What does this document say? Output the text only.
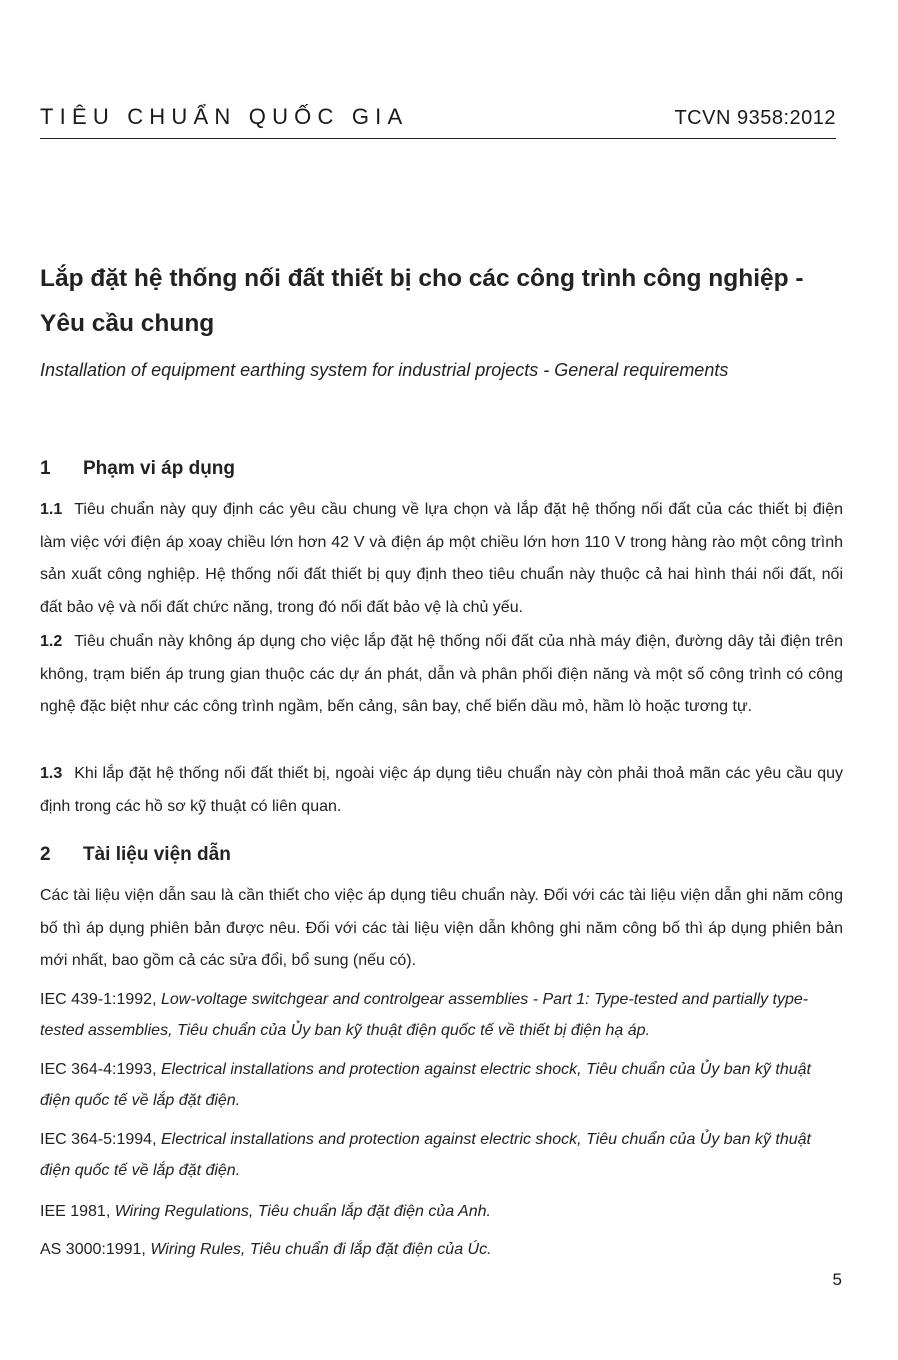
TIÊU CHUẨN QUỐC GIA	TCVN 9358:2012
Lắp đặt hệ thống nối đất thiết bị cho các công trình công nghiệp -
Yêu cầu chung
Installation of equipment earthing system for industrial projects - General requirements
1 Phạm vi áp dụng
1.1 Tiêu chuẩn này quy định các yêu cầu chung về lựa chọn và lắp đặt hệ thống nối đất của các thiết bị điện làm việc với điện áp xoay chiều lớn hơn 42 V và điện áp một chiều lớn hơn 110 V trong hàng rào một công trình sản xuất công nghiệp. Hệ thống nối đất thiết bị quy định theo tiêu chuẩn này thuộc cả hai hình thái nối đất, nối đất bảo vệ và nối đất chức năng, trong đó nối đất bảo vệ là chủ yếu.
1.2 Tiêu chuẩn này không áp dụng cho việc lắp đặt hệ thống nối đất của nhà máy điện, đường dây tải điện trên không, trạm biến áp trung gian thuộc các dự án phát, dẫn và phân phối điện năng và một số công trình có công nghệ đặc biệt như các công trình ngầm, bến cảng, sân bay, chế biến dầu mỏ, hầm lò hoặc tương tự.
1.3 Khi lắp đặt hệ thống nối đất thiết bị, ngoài việc áp dụng tiêu chuẩn này còn phải thoả mãn các yêu cầu quy định trong các hồ sơ kỹ thuật có liên quan.
2 Tài liệu viện dẫn
Các tài liệu viện dẫn sau là cần thiết cho việc áp dụng tiêu chuẩn này. Đối với các tài liệu viện dẫn ghi năm công bố thì áp dụng phiên bản được nêu. Đối với các tài liệu viện dẫn không ghi năm công bố thì áp dụng phiên bản mới nhất, bao gồm cả các sửa đổi, bổ sung (nếu có).
IEC 439-1:1992, Low-voltage switchgear and controlgear assemblies - Part 1: Type-tested and partially type-tested assemblies, Tiêu chuẩn của Ủy ban kỹ thuật điện quốc tế về thiết bị điện hạ áp.
IEC 364-4:1993, Electrical installations and protection against electric shock, Tiêu chuẩn của Ủy ban kỹ thuật điện quốc tế về lắp đặt điện.
IEC 364-5:1994, Electrical installations and protection against electric shock, Tiêu chuẩn của Ủy ban kỹ thuật điện quốc tế về lắp đặt điện.
IEE 1981, Wiring Regulations, Tiêu chuẩn lắp đặt điện của Anh.
AS 3000:1991, Wiring Rules, Tiêu chuẩn đi lắp đặt điện của Úc.
5
